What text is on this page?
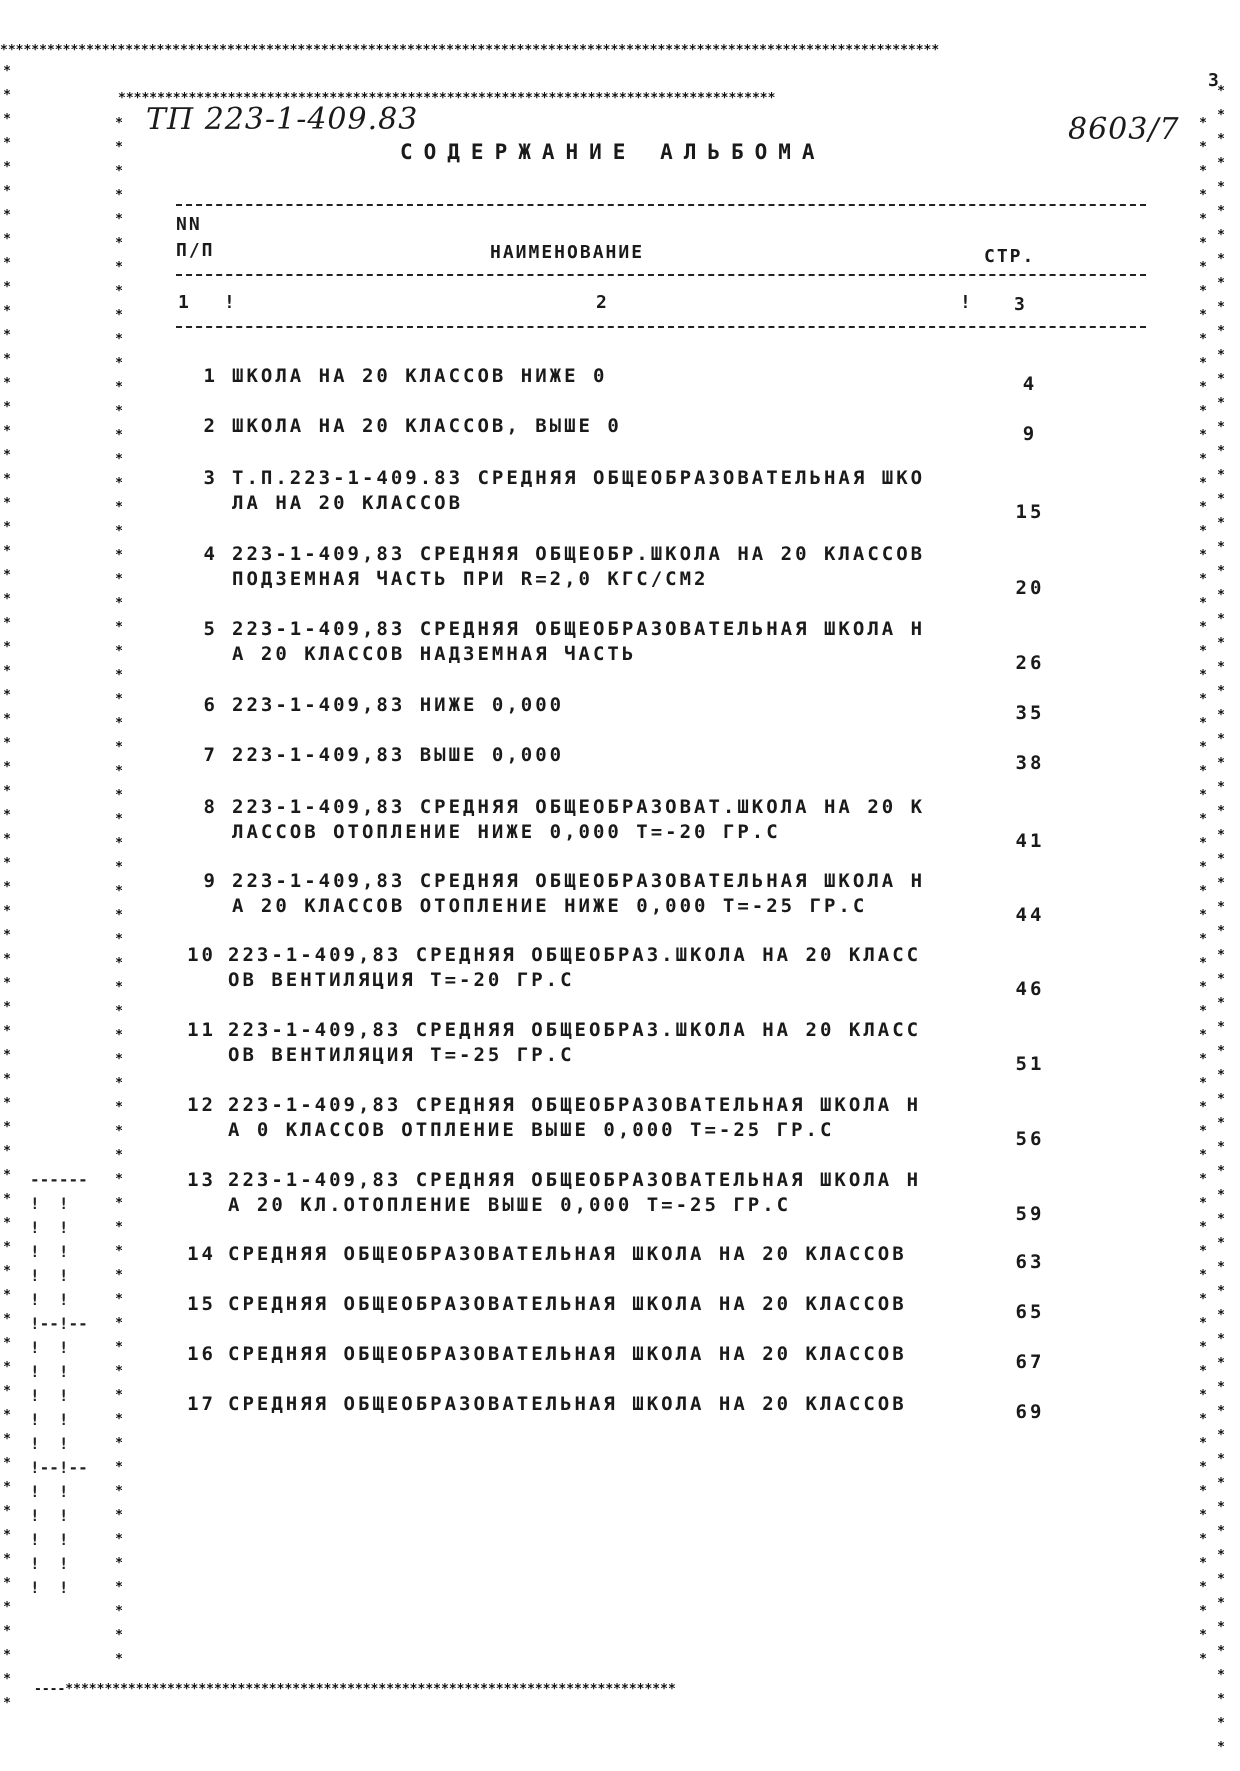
************************************************************************************************************************
*
*
*
*
*
*
*
*
*
*
*
*
*
*
*
*
*
*
*
*
*
*
*
*
*
*
*
*
*
*
*
*
*
*
*
*
*
*
*
*
*
*
*
*
*
*
*
*
*
*
*
*
*
*
*
*
*
*
*
*
*
*
*
*
*
*
*
*
*
*
*
*
*
*
*
*
*
*
*
*
*
*
*
*
*
*
*
*
*
*
*
*
*
*
*
*
*
*
*
*
*
*
*
*
*
*
*
*
*
*
*
*
*
*
*
*
*
*
*
*
*
*
*
*
*
*
*
*
*
*
*
*
*
*
*
*
*
*
*
************************************************************************************
*
*
*
*
*
*
*
*
*
*
*
*
*
*
*
*
*
*
*
*
*
*
*
*
*
*
*
*
*
*
*
*
*
*
*
*
*
*
*
*
*
*
*
*
*
*
*
*
*
*
*
*
*
*
*
*
*
*
*
*
*
*
*
*
*
*
*
*
*
*
*
*
*
*
*
*
*
*
*
*
*
*
*
*
*
*
*
*
*
*
*
*
*
*
*
*
*
*
*
*
*
*
*
*
*
*
*
*
*
*
*
*
*
*
*
*
*
*
*
*
*
*
*
*
*
*
*
*
*
*
----******************************************************************************
------
!  !
!  !
!  !
!  !
!  !
!--!--
!  !
!  !
!  !
!  !
!  !
!--!--
!  !
!  !
!  !
!  !
!  !
ТП 223-1-409.83	8603/7
3
СОДЕРЖАНИЕ АЛЬБОМА
NN
П/П	НАИМЕНОВАНИЕ	СТР.
1 !	2	! 3
1 ШКОЛА НА 20 КЛАССОВ НИЖЕ 0	4
2 ШКОЛА НА 20 КЛАССОВ, ВЫШЕ 0	9
3 Т.П.223-1-409.83 СРЕДНЯЯ ОБЩЕОБРАЗОВАТЕЛЬНАЯ ШКО
ЛА НА 20 КЛАССОВ	15
4 223-1-409,83 СРЕДНЯЯ ОБЩЕОБР.ШКОЛА НА 20 КЛАССОВ
ПОДЗЕМНАЯ ЧАСТЬ ПРИ R=2,0 КГС/СМ2	20
5 223-1-409,83 СРЕДНЯЯ ОБЩЕОБРАЗОВАТЕЛЬНАЯ ШКОЛА Н
А 20 КЛАССОВ НАДЗЕМНАЯ ЧАСТЬ	26
6 223-1-409,83 НИЖЕ 0,000	35
7 223-1-409,83 ВЫШЕ 0,000	38
8 223-1-409,83 СРЕДНЯЯ ОБЩЕОБРАЗОВАТ.ШКОЛА НА 20 К
ЛАССОВ ОТОПЛЕНИЕ НИЖЕ 0,000 Т=-20 ГР.С	41
9 223-1-409,83 СРЕДНЯЯ ОБЩЕОБРАЗОВАТЕЛЬНАЯ ШКОЛА Н
А 20 КЛАССОВ ОТОПЛЕНИЕ НИЖЕ 0,000 Т=-25 ГР.С	44
10 223-1-409,83 СРЕДНЯЯ ОБЩЕОБРАЗ.ШКОЛА НА 20 КЛАСС
ОВ ВЕНТИЛЯЦИЯ Т=-20 ГР.С	46
11 223-1-409,83 СРЕДНЯЯ ОБЩЕОБРАЗ.ШКОЛА НА 20 КЛАСС
ОВ ВЕНТИЛЯЦИЯ Т=-25 ГР.С	51
12 223-1-409,83 СРЕДНЯЯ ОБЩЕОБРАЗОВАТЕЛЬНАЯ ШКОЛА Н
А 0 КЛАССОВ ОТПЛЕНИЕ ВЫШЕ 0,000 Т=-25 ГР.С	56
13 223-1-409,83 СРЕДНЯЯ ОБЩЕОБРАЗОВАТЕЛЬНАЯ ШКОЛА Н
А 20 КЛ.ОТОПЛЕНИЕ ВЫШЕ 0,000 Т=-25 ГР.С	59
14 СРЕДНЯЯ ОБЩЕОБРАЗОВАТЕЛЬНАЯ ШКОЛА НА 20 КЛАССОВ	63
15 СРЕДНЯЯ ОБЩЕОБРАЗОВАТЕЛЬНАЯ ШКОЛА НА 20 КЛАССОВ	65
16 СРЕДНЯЯ ОБЩЕОБРАЗОВАТЕЛЬНАЯ ШКОЛА НА 20 КЛАССОВ	67
17 СРЕДНЯЯ ОБЩЕОБРАЗОВАТЕЛЬНАЯ ШКОЛА НА 20 КЛАССОВ	69
